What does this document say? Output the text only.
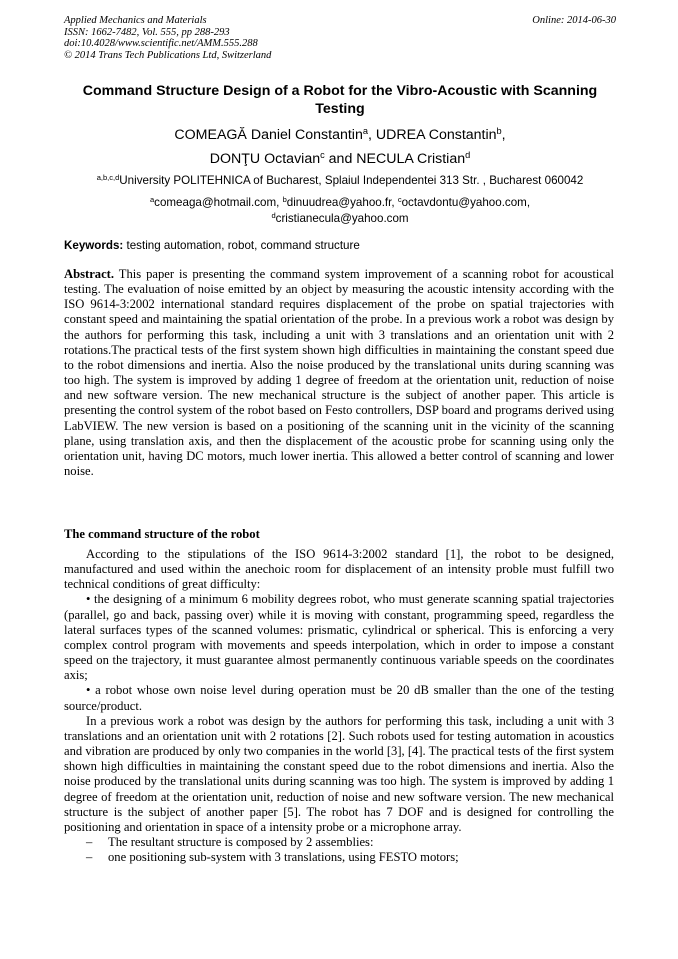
Applied Mechanics and Materials
ISSN: 1662-7482, Vol. 555, pp 288-293
doi:10.4028/www.scientific.net/AMM.555.288
© 2014 Trans Tech Publications Ltd, Switzerland
Online: 2014-06-30
Command Structure Design of a Robot for the Vibro-Acoustic with Scanning Testing
COMEAGĂ Daniel Constantin$^a$, UDREA Constantin$^b$,
DONŢU Octavian$^c$ and NECULA Cristian$^d$
$^{a,b,c,d}$University POLITEHNICA of Bucharest, Splaiul Independentei 313 Str. , Bucharest 060042
$^a$comeaga@hotmail.com, $^b$dinuudrea@yahoo.fr, $^c$octavdontu@yahoo.com,
$^d$cristianecula@yahoo.com
Keywords: testing automation, robot, command structure
Abstract. This paper is presenting the command system improvement of a scanning robot for acoustical testing. The evaluation of noise emitted by an object by measuring the acoustic intensity according with the ISO 9614-3:2002 international standard requires displacement of the probe on spatial trajectories with constant speed and maintaining the spatial orientation of the probe. In a previous work a robot was design by the authors for performing this task, including a unit with 3 translations and an orientation unit with 2 rotations.The practical tests of the first system shown high difficulties in maintaining the constant speed due to the robot dimensions and inertia. Also the noise produced by the translational units during scanning was too high. The system is improved by adding 1 degree of freedom at the orientation unit, reduction of noise and new software version. The new mechanical structure is the subject of another paper. This article is presenting the control system of the robot based on Festo controllers, DSP board and programs derived using LabVIEW. The new version is based on a positioning of the scanning unit in the vicinity of the scanning plane, using translation axis, and then the displacement of the acoustic probe for scanning using only the orientation unit, having DC motors, much lower inertia. This allowed a better control of scanning and lower noise.
The command structure of the robot

According to the stipulations of the ISO 9614-3:2002 standard [1], the robot to be designed, manufactured and used within the anechoic room for displacement of an intensity proble must fulfill two technical conditions of great difficulty:

• the designing of a minimum 6 mobility degrees robot, who must generate scanning spatial trajectories (parallel, go and back, passing over) while it is moving with constant, programming speed, regardless the lateral surfaces types of the scanned volumes: prismatic, cylindrical or spherical. This is enforcing a very complex control program with movements and speeds interpolation, which in order to impose a constant speed on the trajectory, it must guarantee almost permanently continuous variable speeds on the coordinates axis;

• a robot whose own noise level during operation must be 20 dB smaller than the one of the testing source/product.

In a previous work a robot was design by the authors for performing this task, including a unit with 3 translations and an orientation unit with 2 rotations [2]. Such robots used for testing automation in acoustics and vibration are produced by only two companies in the world [3], [4]. The practical tests of the first system shown high difficulties in maintaining the constant speed due to the robot dimensions and inertia. Also the noise produced by the translational units during scanning was too high. The system is improved by adding 1 degree of freedom at the orientation unit, reduction of noise and new software version. The new mechanical structure is the subject of another paper [5]. The robot has 7 DOF and is designed for controlling the positioning and orientation in space of a intensity probe or a microphone array.

–	The resultant structure is composed by 2 assemblies:

–	one positioning sub-system with 3 translations, using FESTO motors;
